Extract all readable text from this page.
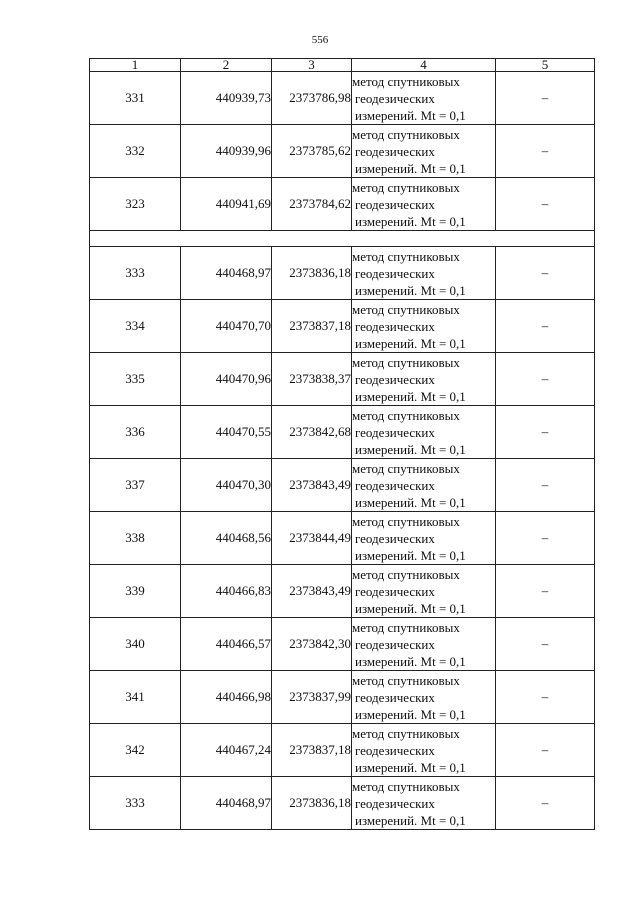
556
1	2	3	4	5
331	440939,73	2373786,98	метод спутниковых
геодезических
измерений. Mt = 0,1	–
332	440939,96	2373785,62	метод спутниковых
геодезических
измерений. Mt = 0,1	–
323	440941,69	2373784,62	метод спутниковых
геодезических
измерений. Mt = 0,1	–

333	440468,97	2373836,18	метод спутниковых
геодезических
измерений. Mt = 0,1	–
334	440470,70	2373837,18	метод спутниковых
геодезических
измерений. Mt = 0,1	–
335	440470,96	2373838,37	метод спутниковых
геодезических
измерений. Mt = 0,1	–
336	440470,55	2373842,68	метод спутниковых
геодезических
измерений. Mt = 0,1	–
337	440470,30	2373843,49	метод спутниковых
геодезических
измерений. Mt = 0,1	–
338	440468,56	2373844,49	метод спутниковых
геодезических
измерений. Mt = 0,1	–
339	440466,83	2373843,49	метод спутниковых
геодезических
измерений. Mt = 0,1	–
340	440466,57	2373842,30	метод спутниковых
геодезических
измерений. Mt = 0,1	–
341	440466,98	2373837,99	метод спутниковых
геодезических
измерений. Mt = 0,1	–
342	440467,24	2373837,18	метод спутниковых
геодезических
измерений. Mt = 0,1	–
333	440468,97	2373836,18	метод спутниковых
геодезических
измерений. Mt = 0,1	–
